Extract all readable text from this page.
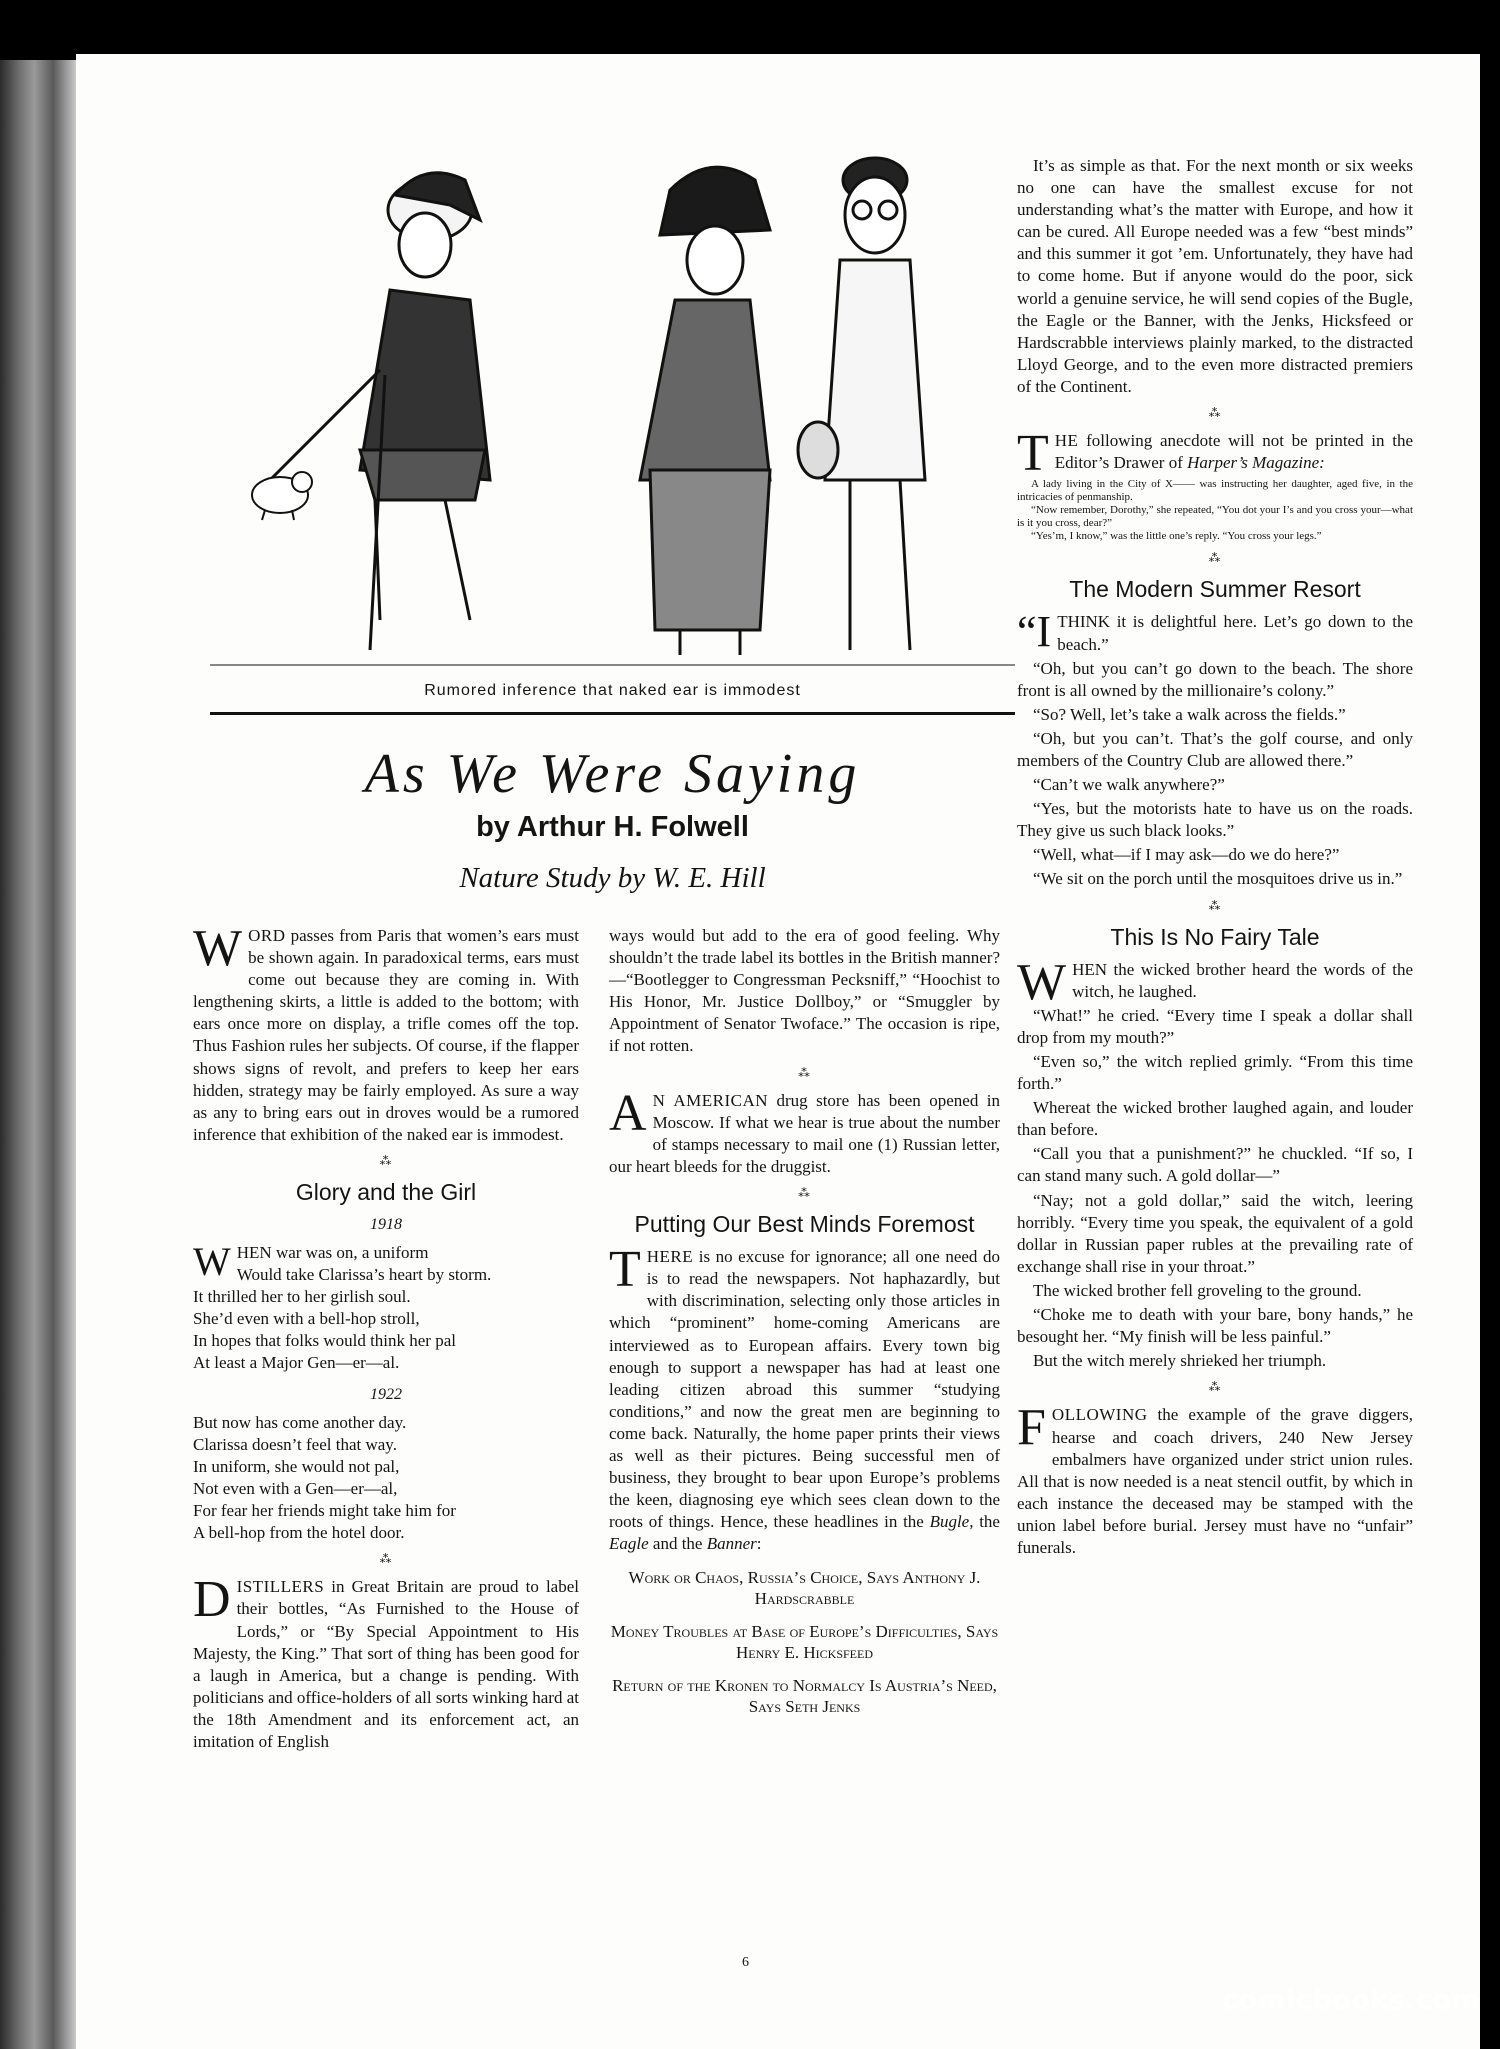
Rumored inference that naked ear is immodest
As We Were Saying
by Arthur H. Folwell
Nature Study by W. E. Hill

WORD passes from Paris that women’s ears must be shown again. In paradoxical terms, ears must come out because they are coming in. With lengthening skirts, a little is added to the bottom; with ears once more on display, a trifle comes off the top. Thus Fashion rules her subjects. Of course, if the flapper shows signs of revolt, and prefers to keep her ears hidden, strategy may be fairly employed. As sure a way as any to bring ears out in droves would be a rumored inference that exhibition of the naked ear is immodest.

⁂
Glory and the Girl
1918
WHEN war was on, a uniform
Would take Clarissa’s heart by storm.
It thrilled her to her girlish soul.
She’d even with a bell-hop stroll,
In hopes that folks would think her pal
At least a Major Gen—er—al.
1922
But now has come another day.
Clarissa doesn’t feel that way.
In uniform, she would not pal,
Not even with a Gen—er—al,
For fear her friends might take him for
A bell-hop from the hotel door.
⁂

DISTILLERS in Great Britain are proud to label their bottles, “As Furnished to the House of Lords,” or “By Special Appointment to His Majesty, the King.” That sort of thing has been good for a laugh in America, but a change is pending. With politicians and office-holders of all sorts winking hard at the 18th Amendment and its enforcement act, an imitation of English

ways would but add to the era of good feeling. Why shouldn’t the trade label its bottles in the British manner?—“Bootlegger to Congressman Pecksniff,” “Hoochist to His Honor, Mr. Justice Dollboy,” or “Smuggler by Appointment of Senator Twoface.” The occasion is ripe, if not rotten.

⁂

A N AMERICAN drug store has been opened in Moscow. If what we hear is true about the number of stamps necessary to mail one (1) Russian letter, our heart bleeds for the druggist.

⁂
Putting Our Best Minds Foremost

THERE is no excuse for ignorance; all one need do is to read the newspapers. Not haphazardly, but with discrimination, selecting only those articles in which “prominent” home-coming Americans are interviewed as to European affairs. Every town big enough to support a newspaper has had at least one leading citizen abroad this summer “studying conditions,” and now the great men are beginning to come back. Naturally, the home paper prints their views as well as their pictures. Being successful men of business, they brought to bear upon Europe’s problems the keen, diagnosing eye which sees clean down to the roots of things. Hence, these headlines in the Bugle, the Eagle and the Banner:

Work or Chaos, Russia’s Choice, Says Anthony J. Hardscrabble
Money Troubles at Base of Europe’s Difficulties, Says Henry E. Hicksfeed
Return of the Kronen to Normalcy Is Austria’s Need, Says Seth Jenks

It’s as simple as that. For the next month or six weeks no one can have the smallest excuse for not understanding what’s the matter with Europe, and how it can be cured. All Europe needed was a few “best minds” and this summer it got ’em. Unfortunately, they have had to come home. But if anyone would do the poor, sick world a genuine service, he will send copies of the Bugle, the Eagle or the Banner, with the Jenks, Hicksfeed or Hardscrabble interviews plainly marked, to the distracted Lloyd George, and to the even more distracted premiers of the Continent.

⁂

THE following anecdote will not be printed in the Editor’s Drawer of Harper’s Magazine:

A lady living in the City of X—— was instructing her daughter, aged five, in the intricacies of penmanship.

“Now remember, Dorothy,” she repeated, “You dot your I’s and you cross your—what is it you cross, dear?”

“Yes’m, I know,” was the little one’s reply. “You cross your legs.”

⁂
The Modern Summer Resort

“I THINK it is delightful here. Let’s go down to the beach.”

“Oh, but you can’t go down to the beach. The shore front is all owned by the millionaire’s colony.”

“So? Well, let’s take a walk across the fields.”

“Oh, but you can’t. That’s the golf course, and only members of the Country Club are allowed there.”

“Can’t we walk anywhere?”

“Yes, but the motorists hate to have us on the roads. They give us such black looks.”

“Well, what—if I may ask—do we do here?”

“We sit on the porch until the mosquitoes drive us in.”

⁂
This Is No Fairy Tale

WHEN the wicked brother heard the words of the witch, he laughed.

“What!” he cried. “Every time I speak a dollar shall drop from my mouth?”

“Even so,” the witch replied grimly. “From this time forth.”

Whereat the wicked brother laughed again, and louder than before.

“Call you that a punishment?” he chuckled. “If so, I can stand many such. A gold dollar—”

“Nay; not a gold dollar,” said the witch, leering horribly. “Every time you speak, the equivalent of a gold dollar in Russian paper rubles at the prevailing rate of exchange shall rise in your throat.”

The wicked brother fell groveling to the ground.

“Choke me to death with your bare, bony hands,” he besought her. “My finish will be less painful.”

But the witch merely shrieked her triumph.

⁂

FOLLOWING the example of the grave diggers, hearse and coach drivers, 240 New Jersey embalmers have organized under strict union rules. All that is now needed is a neat stencil outfit, by which in each instance the deceased may be stamped with the union label before burial. Jersey must have no “unfair” funerals.

6
comicbooks.com
